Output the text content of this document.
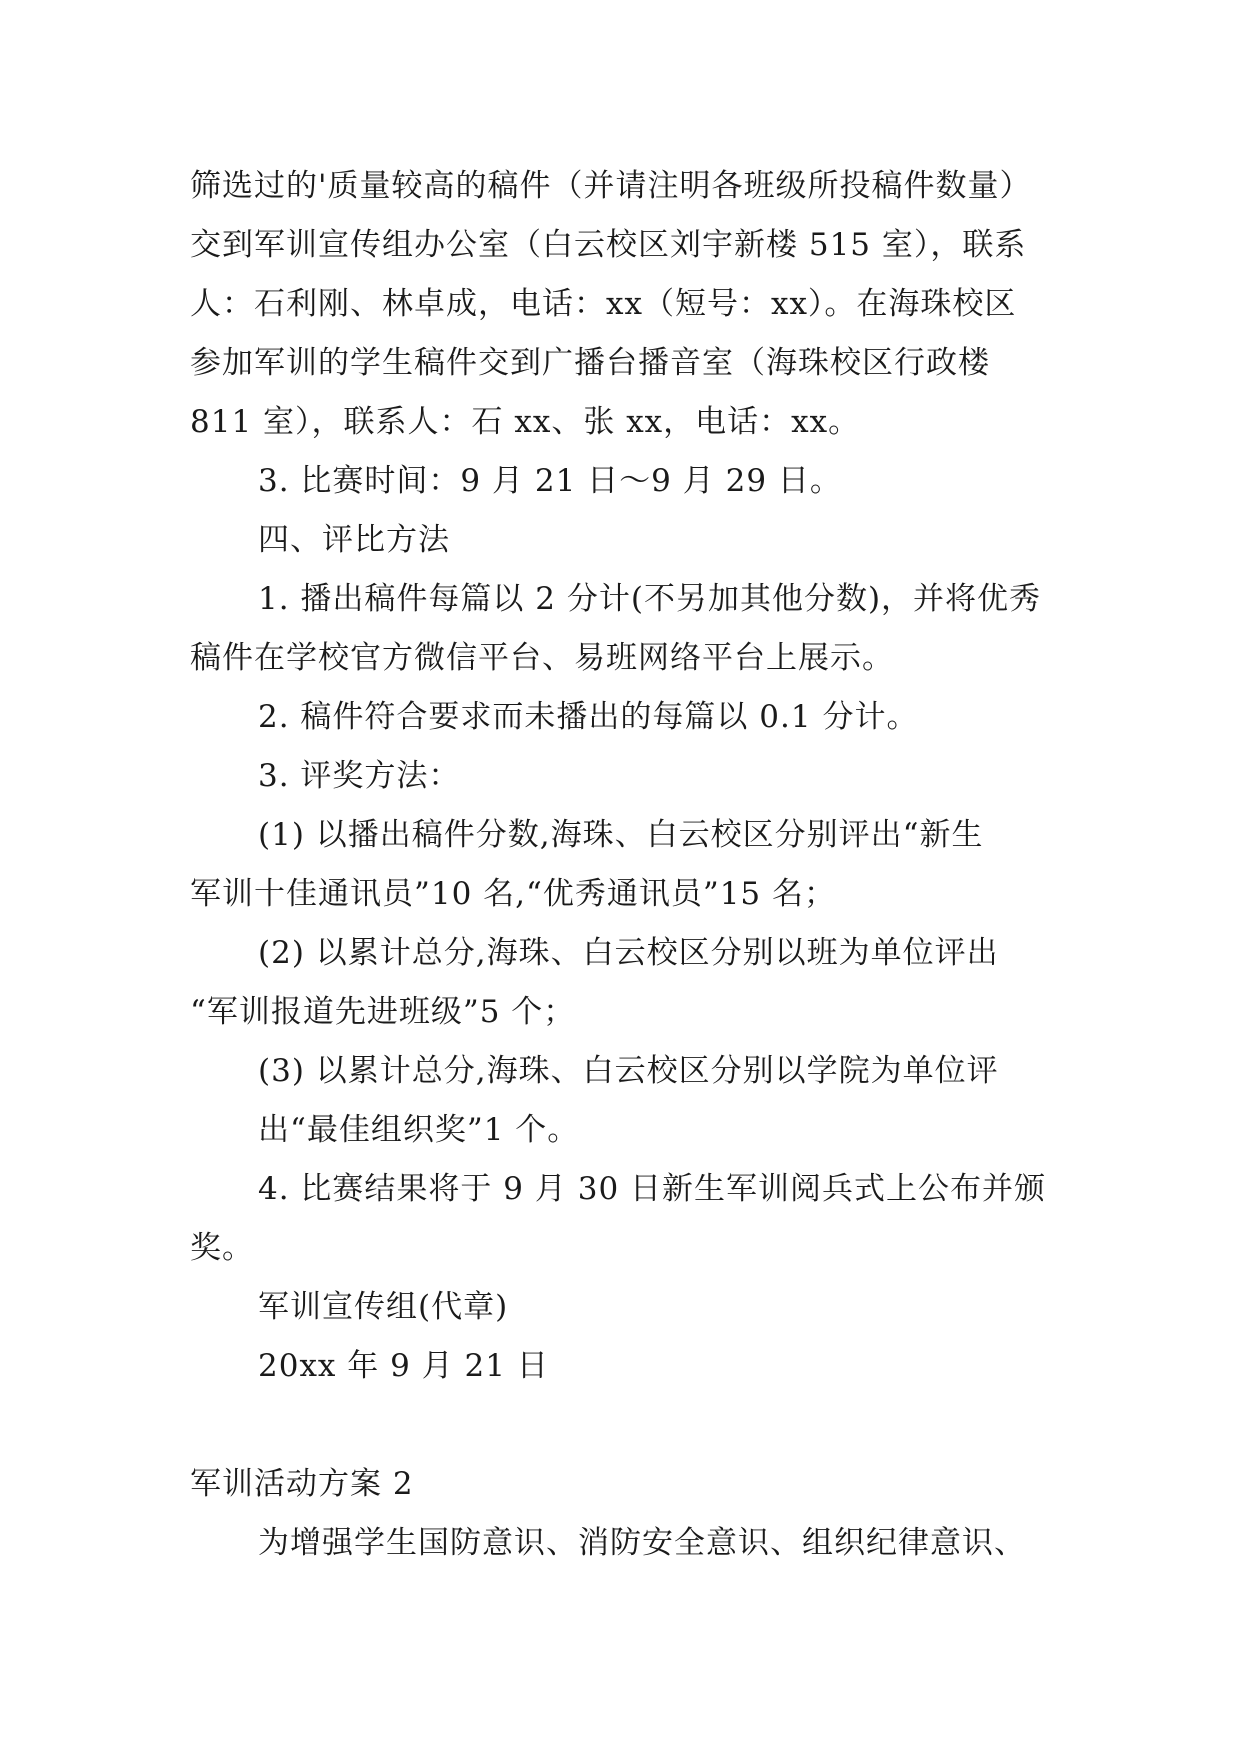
筛选过的'质量较高的稿件（并请注明各班级所投稿件数量）
交到军训宣传组办公室（白云校区刘宇新楼 515 室），联系
人：石利刚、林卓成，电话：xx（短号：xx）。在海珠校区
参加军训的学生稿件交到广播台播音室（海珠校区行政楼
811 室），联系人：石 xx、张 xx，电话：xx。
3. 比赛时间：9 月 21 日～9 月 29 日。
四、评比方法
1. 播出稿件每篇以 2 分计(不另加其他分数)，并将优秀
稿件在学校官方微信平台、易班网络平台上展示。
2. 稿件符合要求而未播出的每篇以 0.1 分计。
3. 评奖方法：
(1) 以播出稿件分数,海珠、白云校区分别评出“新生
军训十佳通讯员”10 名,“优秀通讯员”15 名；
(2) 以累计总分,海珠、白云校区分别以班为单位评出
“军训报道先进班级”5 个；
(3) 以累计总分,海珠、白云校区分别以学院为单位评
出“最佳组织奖”1 个。
4. 比赛结果将于 9 月 30 日新生军训阅兵式上公布并颁
奖。
军训宣传组(代章)
20xx 年 9 月 21 日
军训活动方案 2
为增强学生国防意识、消防安全意识、组织纪律意识、
